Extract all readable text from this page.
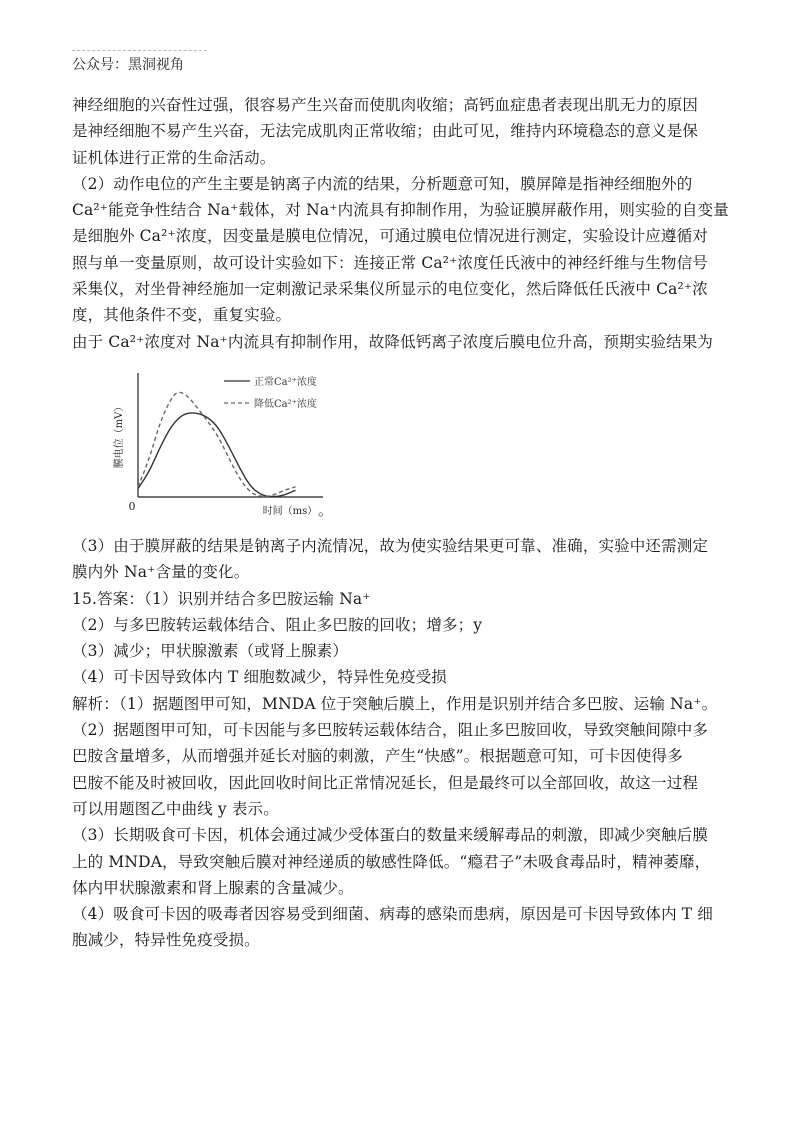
公众号：黑洞视角
神经细胞的兴奋性过强，很容易产生兴奋而使肌肉收缩；高钙血症患者表现出肌无力的原因
是神经细胞不易产生兴奋，无法完成肌肉正常收缩；由此可见，维持内环境稳态的意义是保
证机体进行正常的生命活动。
（2）动作电位的产生主要是钠离子内流的结果，分析题意可知，膜屏障是指神经细胞外的
Ca²⁺能竞争性结合 Na⁺载体，对 Na⁺内流具有抑制作用，为验证膜屏蔽作用，则实验的自变量
是细胞外 Ca²⁺浓度，因变量是膜电位情况，可通过膜电位情况进行测定，实验设计应遵循对
照与单一变量原则，故可设计实验如下：连接正常 Ca²⁺浓度任氏液中的神经纤维与生物信号
采集仪，对坐骨神经施加一定刺激记录采集仪所显示的电位变化，然后降低任氏液中 Ca²⁺浓
度，其他条件不变，重复实验。
由于 Ca²⁺浓度对 Na⁺内流具有抑制作用，故降低钙离子浓度后膜电位升高，预期实验结果为
0
膜电位（mV）
时间（ms）
正常Ca²⁺浓度
降低Ca²⁺浓度
。
（3）由于膜屏蔽的结果是钠离子内流情况，故为使实验结果更可靠、准确，实验中还需测定
膜内外 Na⁺含量的变化。
15.答案：（1）识别并结合多巴胺运输 Na⁺
（2）与多巴胺转运载体结合、阻止多巴胺的回收；增多；y
（3）减少；甲状腺激素（或肾上腺素）
（4）可卡因导致体内 T 细胞数减少，特异性免疫受损
解析：（1）据题图甲可知，MNDA 位于突触后膜上，作用是识别并结合多巴胺、运输 Na⁺。
（2）据题图甲可知，可卡因能与多巴胺转运载体结合，阻止多巴胺回收，导致突触间隙中多
巴胺含量增多，从而增强并延长对脑的刺激，产生“快感”。根据题意可知，可卡因使得多
巴胺不能及时被回收，因此回收时间比正常情况延长，但是最终可以全部回收，故这一过程
可以用题图乙中曲线 y 表示。
（3）长期吸食可卡因，机体会通过减少受体蛋白的数量来缓解毒品的刺激，即减少突触后膜
上的 MNDA，导致突触后膜对神经递质的敏感性降低。“瘾君子”未吸食毒品时，精神萎靡，
体内甲状腺激素和肾上腺素的含量减少。
（4）吸食可卡因的吸毒者因容易受到细菌、病毒的感染而患病，原因是可卡因导致体内 T 细
胞减少，特异性免疫受损。
